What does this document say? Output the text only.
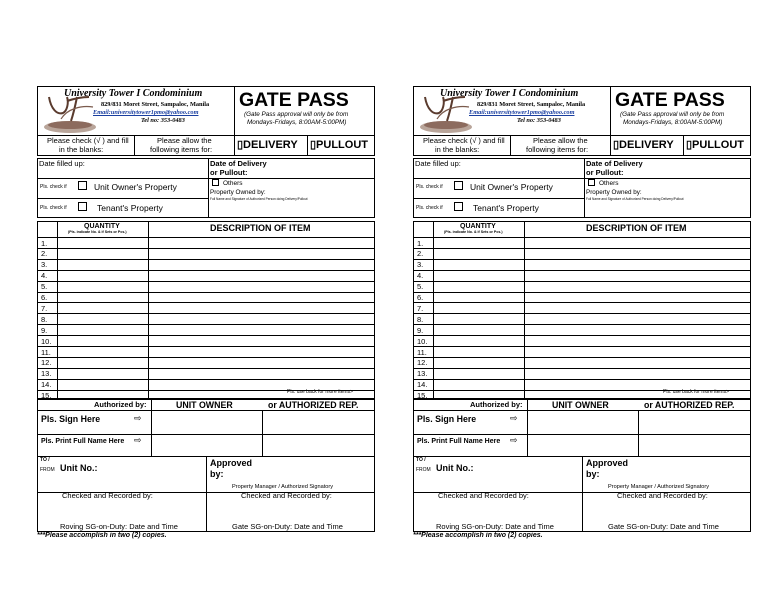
University Tower I Condominium
829/831 Moret Street, Sampaloc, Manila
Email:universitytower1pmo@yahoo.com
Tel no: 353-0483
GATE PASS
(Gate Pass approval will only be from
Mondays-Fridays, 8:00AM-5:00PM)
Please check (√ ) and fill
in the blanks:
Please allow the
following items for: ▯DELIVERY ▯PULLOUT
Date filled up:	Date of Delivery
or Pullout:
Pls. check if	Unit Owner's Property
Pls. check if	Tenant's Property
Others
Property Owned by:
Full Name and Signature of Authorized Person doing Delivery/Pullout
QUANTITY
(Pls. indicate No. & if Sets or Pcs.)	DESCRIPTION OF ITEM
1.
2.
3.
4.
5.
6.
7.
8.
9.
10.
11.
12.
13.
14.
15.	Pls. use back for more items>
Authorized by:	UNIT OWNER	or AUTHORIZED REP.
Pls. Sign Here	⇨
Pls. Print Full Name Here ⇨
TO /
FROM Unit No.:	Approved
by:
Property Manager / Authorized Signatory
Checked and Recorded by:	Checked and Recorded by:
Roving SG-on-Duty: Date and Time	Gate SG-on-Duty: Date and Time
***Please accomplish in two (2) copies.
University Tower I Condominium
829/831 Moret Street, Sampaloc, Manila
Email:universitytower1pmo@yahoo.com
Tel no: 353-0483
GATE PASS
(Gate Pass approval will only be from
Mondays-Fridays, 8:00AM-5:00PM)
Please check (√ ) and fill
in the blanks:
Please allow the
following items for: ▯DELIVERY ▯PULLOUT
Date filled up:	Date of Delivery
or Pullout:
Pls. check if	Unit Owner's Property
Pls. check if	Tenant's Property
Others
Property Owned by:
Full Name and Signature of Authorized Person doing Delivery/Pullout
QUANTITY
(Pls. indicate No. & if Sets or Pcs.)	DESCRIPTION OF ITEM
1.
2.
3.
4.
5.
6.
7.
8.
9.
10.
11.
12.
13.
14.
15.	Pls. use back for more items>
Authorized by:	UNIT OWNER	or AUTHORIZED REP.
Pls. Sign Here	⇨
Pls. Print Full Name Here ⇨
TO /
FROM Unit No.:	Approved
by:
Property Manager / Authorized Signatory
Checked and Recorded by:	Checked and Recorded by:
Roving SG-on-Duty: Date and Time	Gate SG-on-Duty: Date and Time
***Please accomplish in two (2) copies.
